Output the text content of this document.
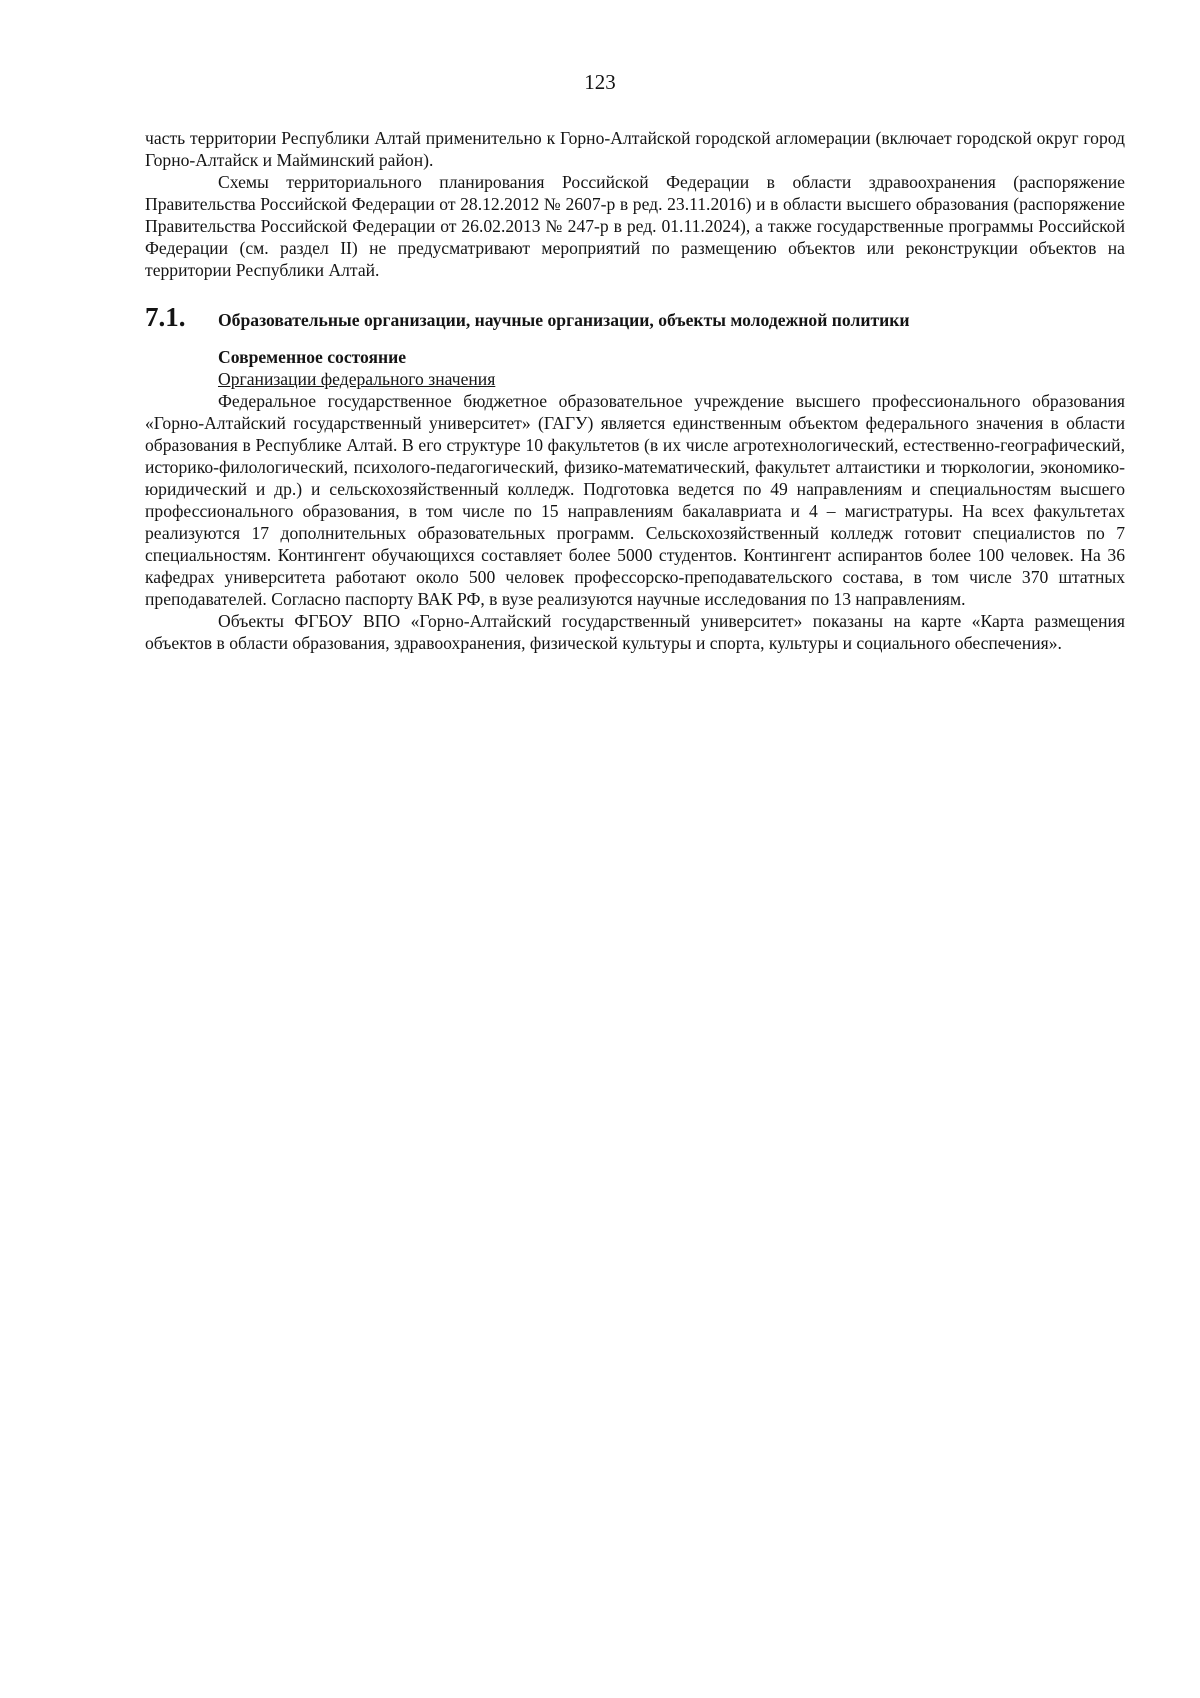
123

часть территории Республики Алтай применительно к Горно-Алтайской городской агломерации (включает городской округ город Горно-Алтайск и Майминский район).

Схемы территориального планирования Российской Федерации в области здравоохранения (распоряжение Правительства Российской Федерации от 28.12.2012 № 2607-р в ред. 23.11.2016) и в области высшего образования (распоряжение Правительства Российской Федерации от 26.02.2013 № 247-р в ред. 01.11.2024), а также государственные программы Российской Федерации (см. раздел II) не предусматривают мероприятий по размещению объектов или реконструкции объектов на территории Республики Алтай.

7.1.	Образовательные организации, научные организации, объекты молодежной политики

Современное состояние

Организации федерального значения

Федеральное государственное бюджетное образовательное учреждение высшего профессионального образования «Горно-Алтайский государственный университет» (ГАГУ) является единственным объектом федерального значения в области образования в Республике Алтай. В его структуре 10 факультетов (в их числе агротехнологический, естественно-географический, историко-филологический, психолого-педагогический, физико-математический, факультет алтаистики и тюркологии, экономико-юридический и др.) и сельскохозяйственный колледж. Подготовка ведется по 49 направлениям и специальностям высшего профессионального образования, в том числе по 15 направлениям бакалавриата и 4 – магистратуры. На всех факультетах реализуются 17 дополнительных образовательных программ. Сельскохозяйственный колледж готовит специалистов по 7 специальностям. Контингент обучающихся составляет более 5000 студентов. Контингент аспирантов более 100 человек. На 36 кафедрах университета работают около 500 человек профессорско-преподавательского состава, в том числе 370 штатных преподавателей. Согласно паспорту ВАК РФ, в вузе реализуются научные исследования по 13 направлениям.

Объекты ФГБОУ ВПО «Горно-Алтайский государственный университет» показаны на карте «Карта размещения объектов в области образования, здравоохранения, физической культуры и спорта, культуры и социального обеспечения».
